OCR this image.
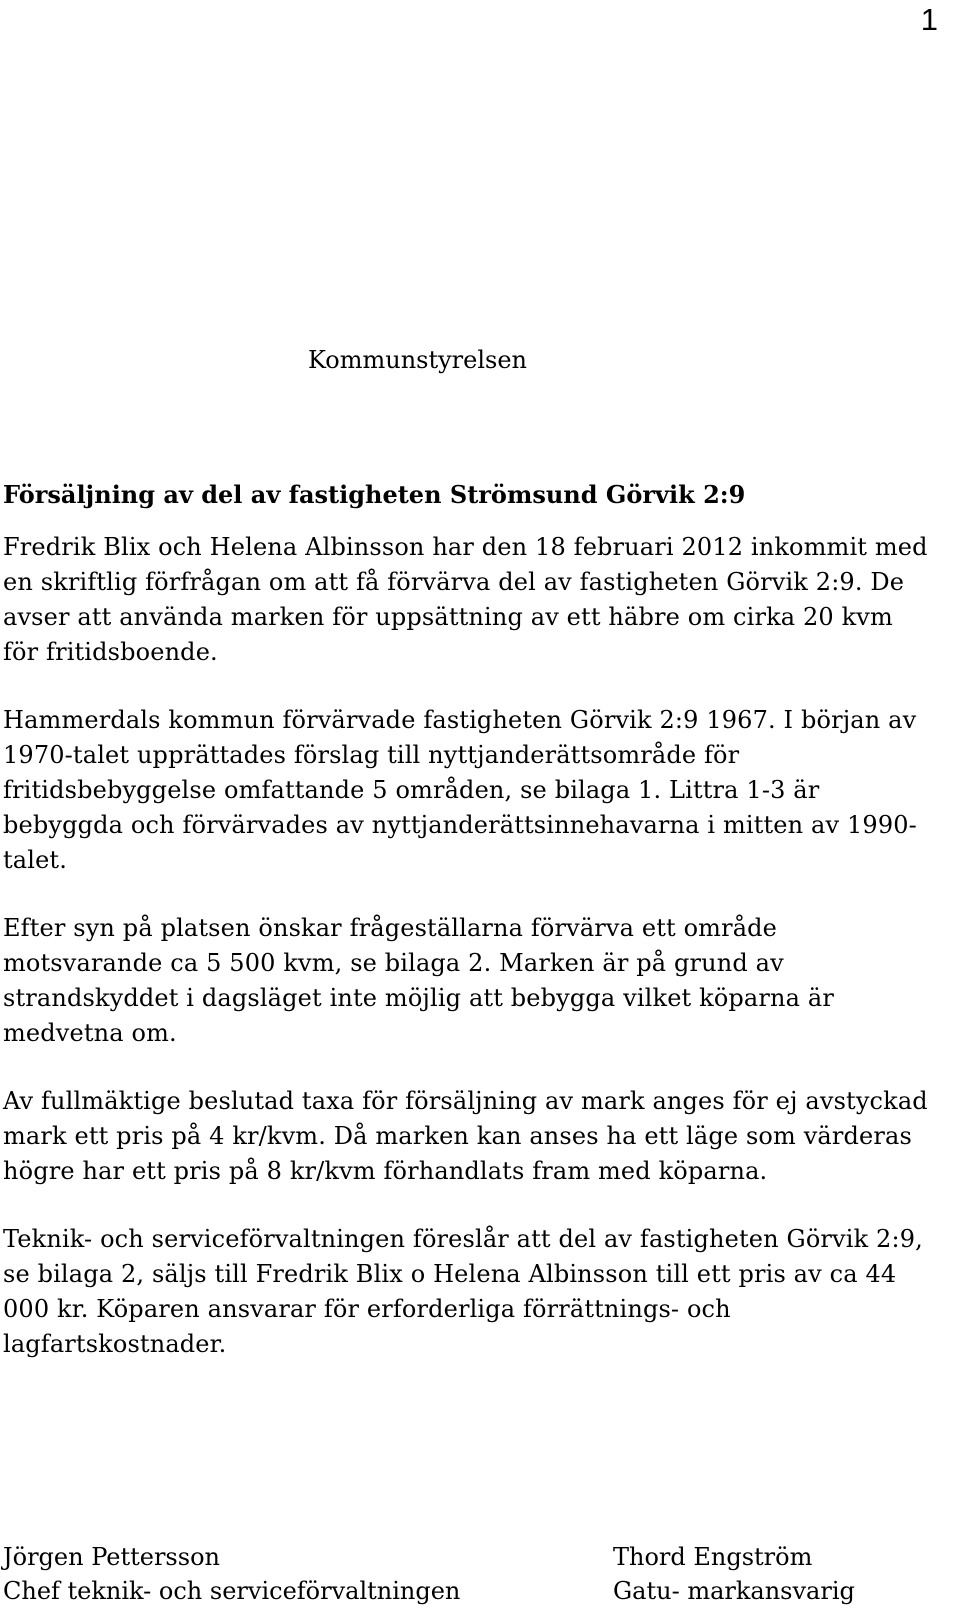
1

Kommunstyrelsen

Försäljning av del av fastigheten Strömsund Görvik 2:9

Fredrik Blix och Helena Albinsson har den 18 februari 2012 inkommit med en skriftlig förfrågan om att få förvärva del av fastigheten Görvik 2:9. De avser att använda marken för uppsättning av ett häbre om cirka 20 kvm för fritidsboende.

Hammerdals kommun förvärvade fastigheten Görvik 2:9 1967. I början av 1970-talet upprättades förslag till nyttjanderättsområde för fritidsbebyggelse omfattande 5 områden, se bilaga 1. Littra 1-3 är bebyggda och förvärvades av nyttjanderättsinnehavarna i mitten av 1990-talet.

Efter syn på platsen önskar frågeställarna förvärva ett område motsvarande ca 5 500 kvm, se bilaga 2. Marken är på grund av strandskyddet i dagsläget inte möjlig att bebygga vilket köparna är medvetna om.

Av fullmäktige beslutad taxa för försäljning av mark anges för ej avstyckad mark ett pris på 4 kr/kvm. Då marken kan anses ha ett läge som värderas högre har ett pris på 8 kr/kvm förhandlats fram med köparna.

Teknik- och serviceförvaltningen föreslår att del av fastigheten Görvik 2:9, se bilaga 2, säljs till Fredrik Blix o Helena Albinsson till ett pris av ca 44 000 kr. Köparen ansvarar för erforderliga förrättnings- och lagfartskostnader.

Jörgen Pettersson
Chef teknik- och serviceförvaltningen
Thord Engström
Gatu- markansvarig
